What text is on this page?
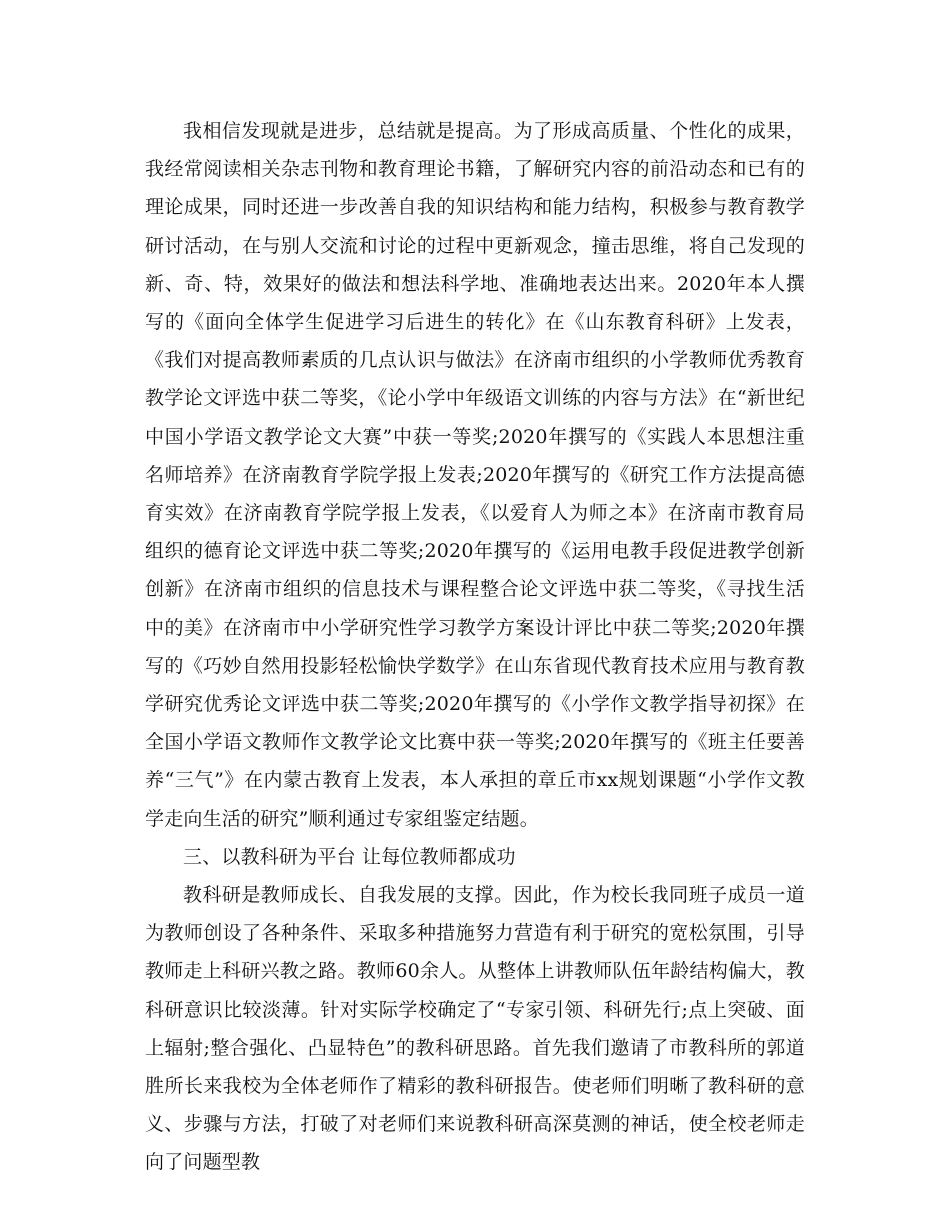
我相信发现就是进步，总结就是提高。为了形成高质量、个性化的成果，我经常阅读相关杂志刊物和教育理论书籍，了解研究内容的前沿动态和已有的理论成果，同时还进一步改善自我的知识结构和能力结构，积极参与教育教学研讨活动，在与别人交流和讨论的过程中更新观念，撞击思维，将自己发现的新、奇、特，效果好的做法和想法科学地、准确地表达出来。2020年本人撰写的《面向全体学生促进学习后进生的转化》在《山东教育科研》上发表，《我们对提高教师素质的几点认识与做法》在济南市组织的小学教师优秀教育教学论文评选中获二等奖，《论小学中年级语文训练的内容与方法》在“新世纪中国小学语文教学论文大赛”中获一等奖;2020年撰写的《实践人本思想注重名师培养》在济南教育学院学报上发表;2020年撰写的《研究工作方法提高德育实效》在济南教育学院学报上发表，《以爱育人为师之本》在济南市教育局组织的德育论文评选中获二等奖;2020年撰写的《运用电教手段促进教学创新创新》在济南市组织的信息技术与课程整合论文评选中获二等奖，《寻找生活中的美》在济南市中小学研究性学习教学方案设计评比中获二等奖;2020年撰写的《巧妙自然用投影轻松愉快学数学》在山东省现代教育技术应用与教育教学研究优秀论文评选中获二等奖;2020年撰写的《小学作文教学指导初探》在全国小学语文教师作文教学论文比赛中获一等奖;2020年撰写的《班主任要善养“三气”》在内蒙古教育上发表，本人承担的章丘市xx规划课题“小学作文教学走向生活的研究”顺利通过专家组鉴定结题。

三、以教科研为平台 让每位教师都成功

教科研是教师成长、自我发展的支撑。因此，作为校长我同班子成员一道为教师创设了各种条件、采取多种措施努力营造有利于研究的宽松氛围，引导教师走上科研兴教之路。教师60余人。从整体上讲教师队伍年龄结构偏大，教科研意识比较淡薄。针对实际学校确定了“专家引领、科研先行;点上突破、面上辐射;整合强化、凸显特色”的教科研思路。首先我们邀请了市教科所的郭道胜所长来我校为全体老师作了精彩的教科研报告。使老师们明晰了教科研的意义、步骤与方法，打破了对老师们来说教科研高深莫测的神话，使全校老师走向了问题型教
